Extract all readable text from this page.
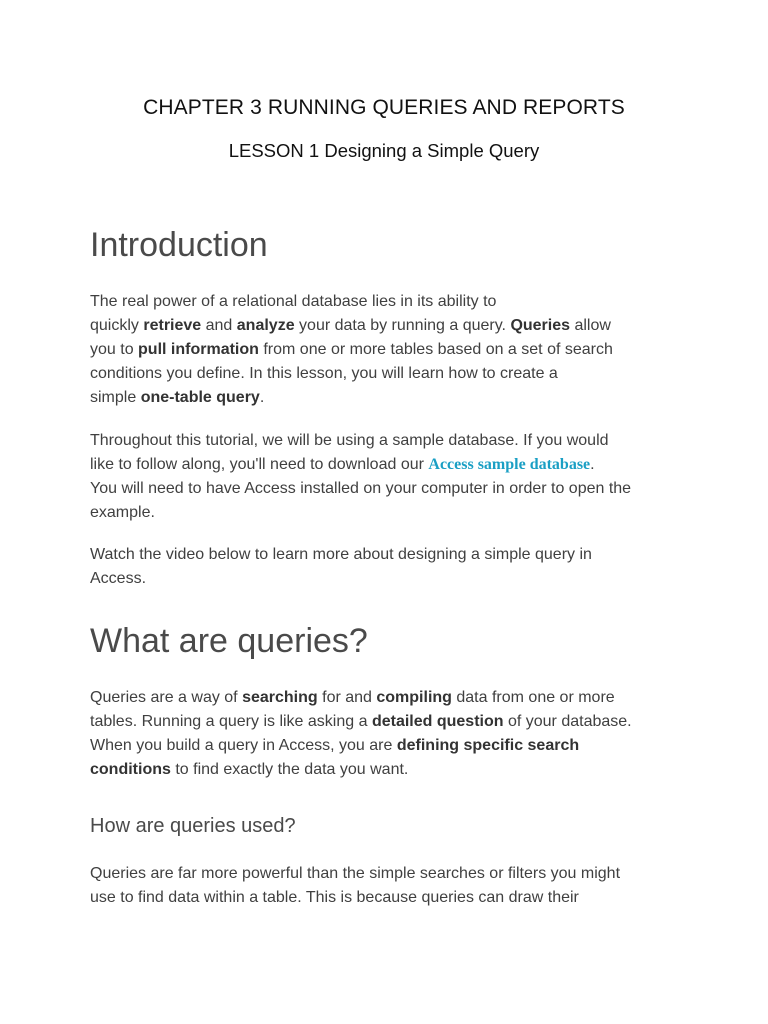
CHAPTER 3 RUNNING QUERIES AND REPORTS
LESSON 1 Designing a Simple Query
Introduction

The real power of a relational database lies in its ability to
quickly retrieve and analyze your data by running a query. Queries allow
you to pull information from one or more tables based on a set of search
conditions you define. In this lesson, you will learn how to create a
simple one-table query.

Throughout this tutorial, we will be using a sample database. If you would
like to follow along, you'll need to download our Access sample database.
You will need to have Access installed on your computer in order to open the
example.

Watch the video below to learn more about designing a simple query in
Access.

What are queries?

Queries are a way of searching for and compiling data from one or more
tables. Running a query is like asking a detailed question of your database.
When you build a query in Access, you are defining specific search
conditions to find exactly the data you want.

How are queries used?

Queries are far more powerful than the simple searches or filters you might
use to find data within a table. This is because queries can draw their
